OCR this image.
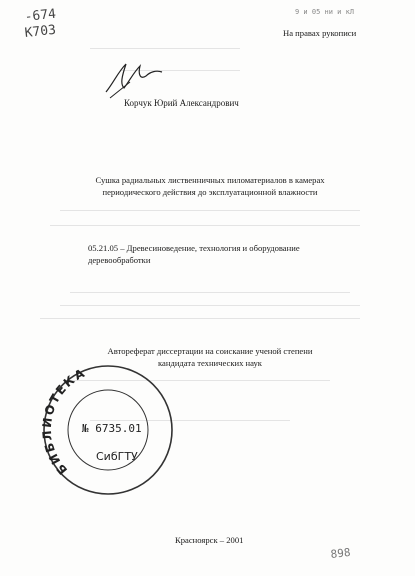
-674
К703
9 и 05 ни и кЛ
На правах рукописи
Корчук Юрий Александрович
Сушка радиальных лиственничных пиломатериалов в камерах
периодического действия до эксплуатационной влажности
05.21.05 – Древесиноведение, технология и оборудование
деревообработки
Автореферат диссертации на соискание ученой степени
кандидата технических наук
БИБЛИОТЕКА
№ 6735.01
СибГТУ
Красноярск – 2001
898
